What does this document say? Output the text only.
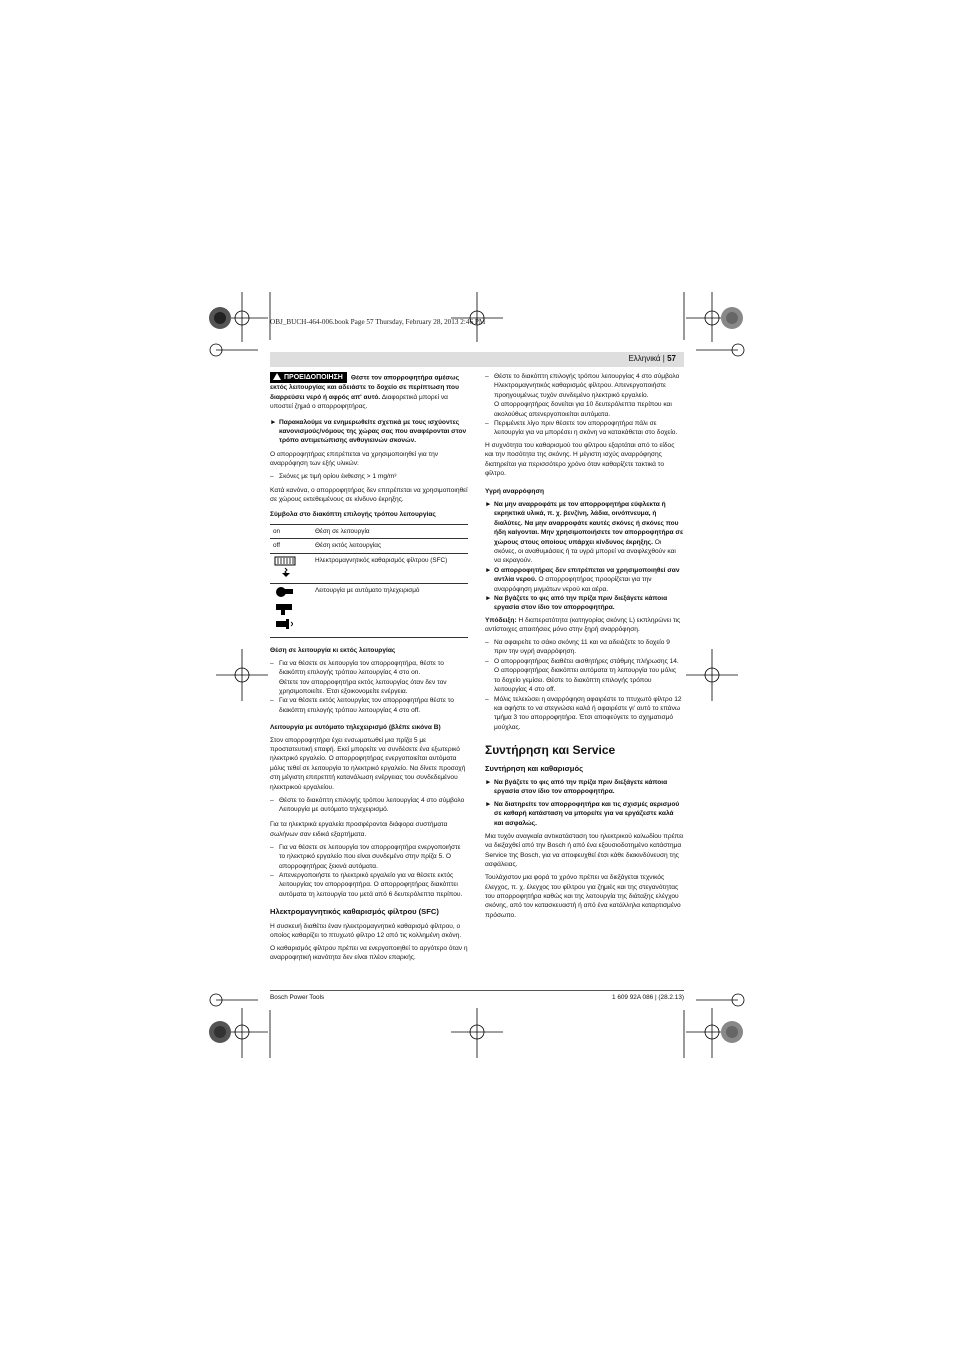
OBJ_BUCH-464-006.book Page 57 Thursday, February 28, 2013 2:46 PM
Ελληνικά | 57

ΠΡΟΕΙΔΟΠΟΙΗΣΗ Θέστε τον απορροφητήρα αμέσως εκτός λειτουργίας και αδειάστε το δοχείο σε περίπτωση που διαρρεύσει νερό ή αφρός απ' αυτό. Διαφορετικά μπορεί να υποστεί ζημιά ο απορροφητήρας.

► Παρακαλούμε να ενημερωθείτε σχετικά με τους ισχύοντες κανονισμούς/νόμους της χώρας σας που αναφέρονται στον τρόπο αντιμετώπισης ανθυγιεινών σκονών.

Ο απορροφητήρας επιτρέπεται να χρησιμοποιηθεί για την αναρρόφηση των εξής υλικών:

– Σκόνες με τιμή ορίου έκθεσης > 1 mg/m³

Κατά κανόνα, ο απορροφητήρας δεν επιτρέπεται να χρησιμοποιηθεί σε χώρους εκτεθειμένους σε κίνδυνο έκρηξης.

Σύμβολα στο διακόπτη επιλογής τρόπου λειτουργίας
on	Θέση σε λειτουργία
off	Θέση εκτός λειτουργίας
	Ηλεκτρομαγνητικός καθαρισμός φίλτρου (SFC)
	Λειτουργία με αυτόματο τηλεχειρισμό
Θέση σε λειτουργία κι εκτός λειτουργίας
– Για να θέσετε σε λειτουργία τον απορροφητήρα, θέστε το διακόπτη επιλογής τρόπου λειτουργίας 4 στο on.
Θέτετε τον απορροφητήρα εκτός λειτουργίας όταν δεν τον χρησιμοποιείτε. Έτσι εξοικονομείτε ενέργεια.
– Για να θέσετε εκτός λειτουργίας τον απορροφητήρα θέστε το διακόπτη επιλογής τρόπου λειτουργίας 4 στο off.
Λειτουργία με αυτόματο τηλεχειρισμό (βλέπε εικόνα B)

Στον απορροφητήρα έχει ενσωματωθεί μια πρίζα 5 με προστατευτική επαφή. Εκεί μπορείτε να συνδέσετε ένα εξωτερικό ηλεκτρικό εργαλείο. Ο απορροφητήρας ενεργοποιείται αυτόματα μόλις τεθεί σε λειτουργία το ηλεκτρικό εργαλείο. Να δίνετε προσοχή στη μέγιστη επιτρεπτή κατανάλωση ενέργειας του συνδεδεμένου ηλεκτρικού εργαλείου.

– Θέστε το διακόπτη επιλογής τρόπου λειτουργίας 4 στο σύμβολο Λειτουργία με αυτόματο τηλεχειρισμό.

Για τα ηλεκτρικά εργαλεία προσφέρονται διάφορα συστήματα σωλήνων σαν ειδικά εξαρτήματα.

– Για να θέσετε σε λειτουργία τον απορροφητήρα ενεργοποιήστε το ηλεκτρικό εργαλείο που είναι συνδεμένο στην πρίζα 5. Ο απορροφητήρας ξεκινά αυτόματα.
– Απενεργοποιήστε το ηλεκτρικό εργαλείο για να θέσετε εκτός λειτουργίας τον απορροφητήρα. Ο απορροφητήρας διακόπτει αυτόματα τη λειτουργία του μετά από 6 δευτερόλεπτα περίπου.
Ηλεκτρομαγνητικός καθαρισμός φίλτρου (SFC)

Η συσκευή διαθέτει έναν ηλεκτρομαγνητικό καθαρισμό φίλτρου, ο οποίος καθαρίζει το πτυχωτό φίλτρο 12 από τις κολλημένη σκόνη.

Ο καθαρισμός φίλτρου πρέπει να ενεργοποιηθεί το αργότερο όταν η αναρροφητική ικανότητα δεν είναι πλέον επαρκής.

– Θέστε το διακόπτη επιλογής τρόπου λειτουργίας 4 στο σύμβολο Ηλεκτρομαγνητικός καθαρισμός φίλτρου. Απενεργοποιήστε προηγουμένως τυχόν συνδεμένο ηλεκτρικό εργαλείο.
Ο απορροφητήρας δονείται για 10 δευτερόλεπτα περίπου και ακολούθως απενεργοποιείται αυτόματα.
– Περιμένετε λίγο πριν θέσετε τον απορροφητήρα πάλι σε λειτουργία για να μπορέσει η σκόνη να κατακάθεται στο δοχείο.

Η συχνότητα του καθαρισμού του φίλτρου εξαρτάται από το είδος και την ποσότητα της σκόνης. Η μέγιστη ισχύς αναρρόφησης διατηρείται για περισσότερο χρόνο όταν καθαρίζετε τακτικά το φίλτρο.

Υγρή αναρρόφηση
► Να μην αναρροφάτε με τον απορροφητήρα εύφλεκτα ή εκρηκτικά υλικά, π. χ. βενζίνη, λάδια, οινόπνευμα, ή διαλύτες. Να μην αναρροφάτε καυτές σκόνες ή σκόνες που ήδη καίγονται. Μην χρησιμοποιήσετε τον απορροφητήρα σε χώρους στους οποίους υπάρχει κίνδυνος έκρηξης. Οι σκόνες, οι αναθυμιάσεις ή τα υγρά μπορεί να αναφλεχθούν και να εκραγούν.
► Ο απορροφητήρας δεν επιτρέπεται να χρησιμοποιηθεί σαν αντλία νερού. Ο απορροφητήρας προορίζεται για την αναρρόφηση μιγμάτων νερού και αέρα.
► Να βγάζετε το φις από την πρίζα πριν διεξάγετε κάποια εργασία στον ίδιο τον απορροφητήρα.

Υπόδειξη: Η διαπερατότητα (κατηγορίας σκόνης L) εκπληρώνει τις αντίστοιχες απαιτήσεις μόνο στην ξηρή αναρρόφηση.

– Να αφαιρείτε το σάκο σκόνης 11 και να αδειάζετε το δοχείο 9 πριν την υγρή αναρρόφηση.
– Ο απορροφητήρας διαθέτει αισθητήρες στάθμης πλήρωσης 14. Ο απορροφητήρας διακόπτει αυτόματα τη λειτουργία του μόλις το δοχείο γεμίσει. Θέστε το διακόπτη επιλογής τρόπου λειτουργίας 4 στο off.
– Μόλις τελειώσει η αναρρόφηση αφαιρέστε το πτυχωτό φίλτρο 12 και αφήστε το να στεγνώσει καλά ή αφαιρέστε γι' αυτό το επάνω τμήμα 3 του απορροφητήρα. Έτσι αποφεύγετε το σχηματισμό μούχλας.
Συντήρηση και Service
Συντήρηση και καθαρισμός
► Να βγάζετε το φις από την πρίζα πριν διεξάγετε κάποια εργασία στον ίδιο τον απορροφητήρα.
► Να διατηρείτε τον απορροφητήρα και τις σχισμές αερισμού σε καθαρή κατάσταση να μπορείτε για να εργάζεστε καλά και ασφαλώς.

Μια τυχόν αναγκαία αντικατάσταση του ηλεκτρικού καλωδίου πρέπει να διεξαχθεί από την Bosch ή από ένα εξουσιοδοτημένο κατάστημα Service της Bosch, για να αποφευχθεί έτσι κάθε διακινδύνευση της ασφάλειας.

Τουλάχιστον μια φορά το χρόνο πρέπει να διεξάγεται τεχνικός έλεγχος, π. χ. έλεγχος του φίλτρου για ζημιές και της στεγανότητας του απορροφητήρα καθώς και της λειτουργία της διάταξης ελέγχου σκόνης, από τον κατασκευαστή ή από ένα κατάλληλα καταρτισμένο πρόσωπο.

Bosch Power Tools	1 609 92A 086 | (28.2.13)
